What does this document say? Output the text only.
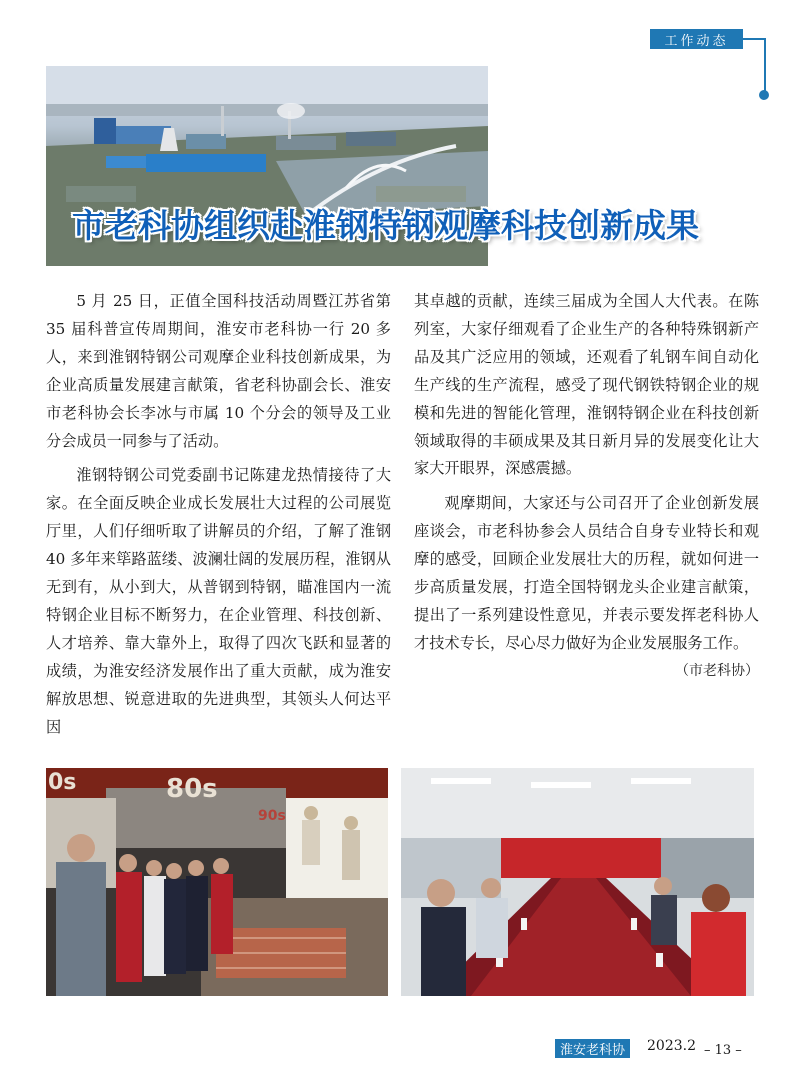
工作动态
市老科协组织赴淮钢特钢观摩科技创新成果

5 月 25 日，正值全国科技活动周暨江苏省第 35 届科普宣传周期间，淮安市老科协一行 20 多人，来到淮钢特钢公司观摩企业科技创新成果，为企业高质量发展建言献策，省老科协副会长、淮安市老科协会长李冰与市属 10 个分会的领导及工业分会成员一同参与了活动。

淮钢特钢公司党委副书记陈建龙热情接待了大家。在全面反映企业成长发展壮大过程的公司展览厅里，人们仔细听取了讲解员的介绍，了解了淮钢 40 多年来筚路蓝缕、波澜壮阔的发展历程，淮钢从无到有，从小到大，从普钢到特钢，瞄准国内一流特钢企业目标不断努力，在企业管理、科技创新、人才培养、靠大靠外上，取得了四次飞跃和显著的成绩，为淮安经济发展作出了重大贡献，成为淮安解放思想、锐意进取的先进典型，其领头人何达平因

其卓越的贡献，连续三届成为全国人大代表。在陈列室，大家仔细观看了企业生产的各种特殊钢新产品及其广泛应用的领域，还观看了轧钢车间自动化生产线的生产流程，感受了现代钢铁特钢企业的规模和先进的智能化管理，淮钢特钢企业在科技创新领域取得的丰硕成果及其日新月异的发展变化让大家大开眼界，深感震撼。

观摩期间，大家还与公司召开了企业创新发展座谈会，市老科协参会人员结合自身专业特长和观摩的感受，回顾企业发展壮大的历程，就如何进一步高质量发展，打造全国特钢龙头企业建言献策，提出了一系列建设性意见，并表示要发挥老科协人才技术专长，尽心尽力做好为企业发展服务工作。
（市老科协）

0s	80s
90s
淮安老科协	2023.2 – 13 –
